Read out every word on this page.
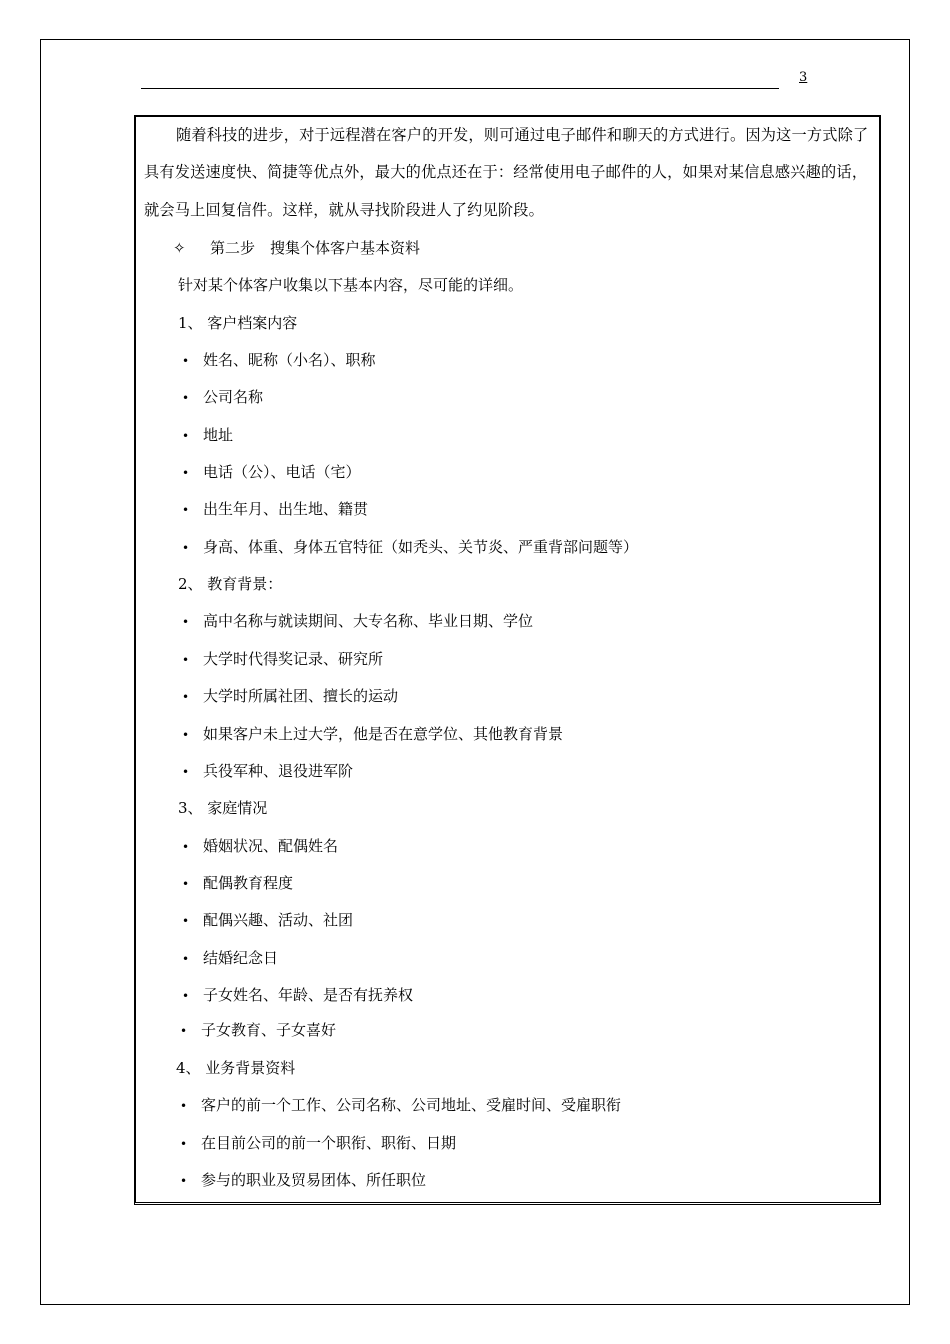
3
随着科技的进步，对于远程潜在客户的开发，则可通过电子邮件和聊天的方式进行。因为这一方式除了具有发送速度快、简捷等优点外，最大的优点还在于：经常使用电子邮件的人，如果对某信息感兴趣的话，就会马上回复信件。这样，就从寻找阶段进人了约见阶段。
✧ 第二步　搜集个体客户基本资料
针对某个体客户收集以下基本内容，尽可能的详细。
1、 客户档案内容
• 姓名、昵称（小名）、职称
• 公司名称
• 地址
• 电话（公）、电话（宅）
• 出生年月、出生地、籍贯
• 身高、体重、身体五官特征（如秃头、关节炎、严重背部问题等）
2、 教育背景：
• 高中名称与就读期间、大专名称、毕业日期、学位
• 大学时代得奖记录、研究所
• 大学时所属社团、擅长的运动
• 如果客户未上过大学，他是否在意学位、其他教育背景
• 兵役军种、退役进军阶
3、 家庭情况
• 婚姻状况、配偶姓名
• 配偶教育程度
• 配偶兴趣、活动、社团
• 结婚纪念日
• 子女姓名、年龄、是否有抚养权
• 子女教育、子女喜好
4、 业务背景资料
• 客户的前一个工作、公司名称、公司地址、受雇时间、受雇职衔
• 在目前公司的前一个职衔、职衔、日期
• 参与的职业及贸易团体、所任职位
